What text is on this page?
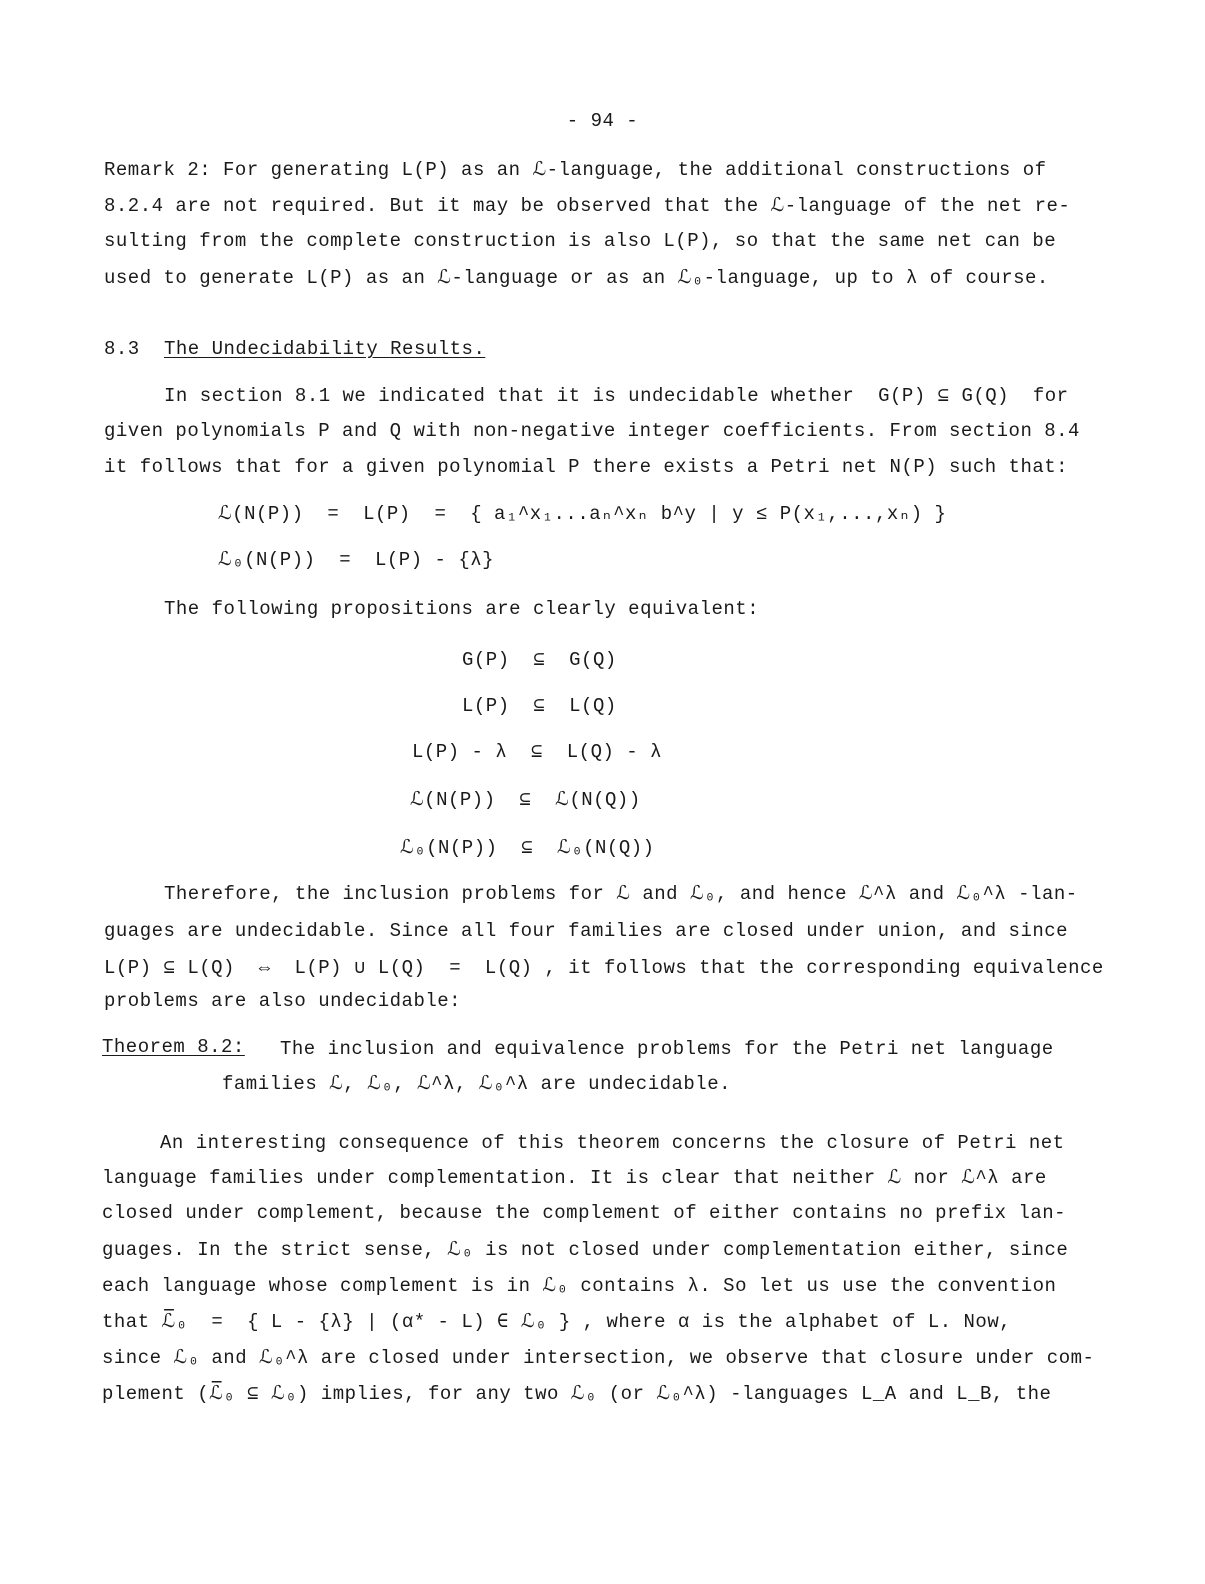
- 94 -
Remark 2: For generating L(P) as an ℒ-language, the additional constructions of
8.2.4 are not required. But it may be observed that the ℒ-language of the net re-
sulting from the complete construction is also L(P), so that the same net can be
used to generate L(P) as an ℒ-language or as an ℒ₀-language, up to λ of course.
8.3 The Undecidability Results.
In section 8.1 we indicated that it is undecidable whether  G(P) ⊆ G(Q)  for
given polynomials P and Q with non-negative integer coefficients. From section 8.4
it follows that for a given polynomial P there exists a Petri net N(P) such that:
ℒ(N(P))  =  L(P)  =  { a₁^x₁...aₙ^xₙ b^y | y ≤ P(x₁,...,xₙ) }
ℒ₀(N(P))  =  L(P) - {λ}
The following propositions are clearly equivalent:
G(P)  ⊆  G(Q)
L(P)  ⊆  L(Q)
L(P) - λ  ⊆  L(Q) - λ
ℒ(N(P))  ⊆  ℒ(N(Q))
ℒ₀(N(P))  ⊆  ℒ₀(N(Q))
Therefore, the inclusion problems for ℒ and ℒ₀, and hence ℒ^λ and ℒ₀^λ -lan-
guages are undecidable. Since all four families are closed under union, and since
L(P) ⊆ L(Q)  ⇔  L(P) ∪ L(Q)  =  L(Q) , it follows that the corresponding equivalence
problems are also undecidable:
Theorem 8.2: The inclusion and equivalence problems for the Petri net language
families ℒ, ℒ₀, ℒ^λ, ℒ₀^λ are undecidable.
An interesting consequence of this theorem concerns the closure of Petri net
language families under complementation. It is clear that neither ℒ nor ℒ^λ are
closed under complement, because the complement of either contains no prefix lan-
guages. In the strict sense, ℒ₀ is not closed under complementation either, since
each language whose complement is in ℒ₀ contains λ. So let us use the convention
that ℒ̅₀  =  { L - {λ} | (α* - L) ∈ ℒ₀ } , where α is the alphabet of L. Now,
since ℒ₀ and ℒ₀^λ are closed under intersection, we observe that closure under com-
plement (ℒ̅₀ ⊆ ℒ₀) implies, for any two ℒ₀ (or ℒ₀^λ) -languages L_A and L_B, the
